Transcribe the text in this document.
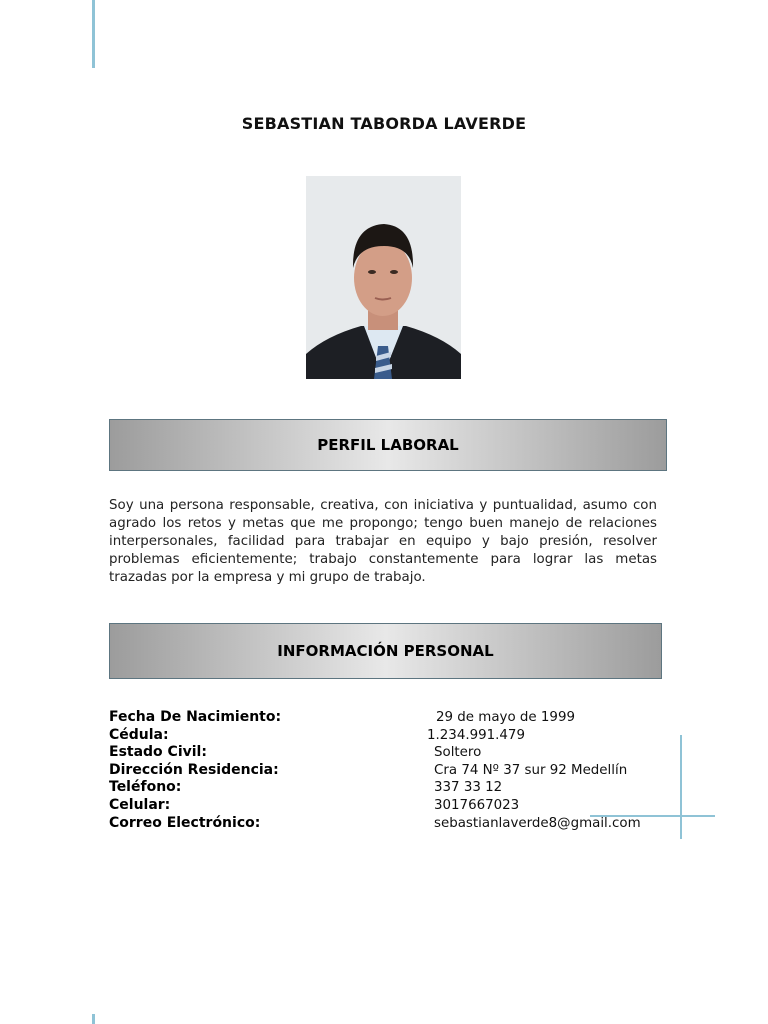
SEBASTIAN TABORDA LAVERDE
PERFIL LABORAL
Soy una persona responsable, creativa, con iniciativa y puntualidad, asumo con agrado los retos y metas que me propongo; tengo buen manejo de relaciones interpersonales, facilidad para trabajar en equipo y bajo presión, resolver problemas eficientemente; trabajo constantemente para lograr las metas trazadas por la empresa y mi grupo de trabajo.
INFORMACIÓN PERSONAL
Fecha De Nacimiento:	29 de mayo de 1999
Cédula:	1.234.991.479
Estado Civil:	Soltero
Dirección Residencia:	Cra 74 Nº 37 sur 92 Medellín
Teléfono:	337 33 12
Celular:	3017667023
Correo Electrónico:	sebastianlaverde8@gmail.com
